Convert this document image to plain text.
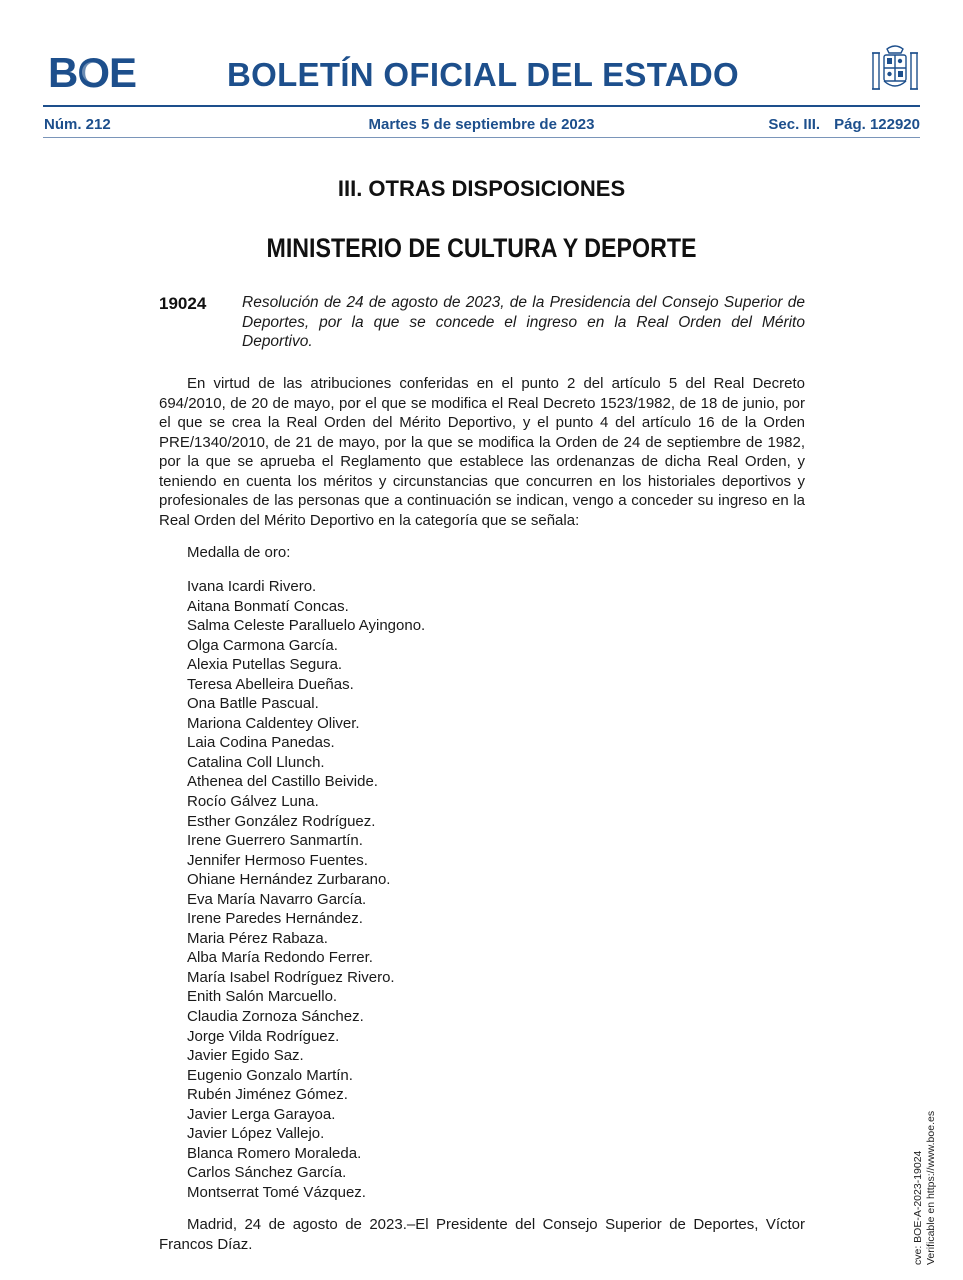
BOE	BOLETÍN OFICIAL DEL ESTADO
Núm. 212	Martes 5 de septiembre de 2023	Sec. III. Pág. 122920
III. OTRAS DISPOSICIONES
MINISTERIO DE CULTURA Y DEPORTE
19024 Resolución de 24 de agosto de 2023, de la Presidencia del Consejo Superior de Deportes, por la que se concede el ingreso en la Real Orden del Mérito Deportivo.

En virtud de las atribuciones conferidas en el punto 2 del artículo 5 del Real Decreto 694/2010, de 20 de mayo, por el que se modifica el Real Decreto 1523/1982, de 18 de junio, por el que se crea la Real Orden del Mérito Deportivo, y el punto 4 del artículo 16 de la Orden PRE/1340/2010, de 21 de mayo, por la que se modifica la Orden de 24 de septiembre de 1982, por la que se aprueba el Reglamento que establece las ordenanzas de dicha Real Orden, y teniendo en cuenta los méritos y circunstancias que concurren en los historiales deportivos y profesionales de las personas que a continuación se indican, vengo a conceder su ingreso en la Real Orden del Mérito Deportivo en la categoría que se señala:

Medalla de oro:

Ivana Icardi Rivero.
Aitana Bonmatí Concas.
Salma Celeste Paralluelo Ayingono.
Olga Carmona García.
Alexia Putellas Segura.
Teresa Abelleira Dueñas.
Ona Batlle Pascual.
Mariona Caldentey Oliver.
Laia Codina Panedas.
Catalina Coll Llunch.
Athenea del Castillo Beivide.
Rocío Gálvez Luna.
Esther González Rodríguez.
Irene Guerrero Sanmartín.
Jennifer Hermoso Fuentes.
Ohiane Hernández Zurbarano.
Eva María Navarro García.
Irene Paredes Hernández.
Maria Pérez Rabaza.
Alba María Redondo Ferrer.
María Isabel Rodríguez Rivero.
Enith Salón Marcuello.
Claudia Zornoza Sánchez.
Jorge Vilda Rodríguez.
Javier Egido Saz.
Eugenio Gonzalo Martín.
Rubén Jiménez Gómez.
Javier Lerga Garayoa.
Javier López Vallejo.
Blanca Romero Moraleda.
Carlos Sánchez García.
Montserrat Tomé Vázquez.

Madrid, 24 de agosto de 2023.–El Presidente del Consejo Superior de Deportes, Víctor Francos Díaz.	cve: BOE-A-2023-19024 Verificable en https://www.boe.es
